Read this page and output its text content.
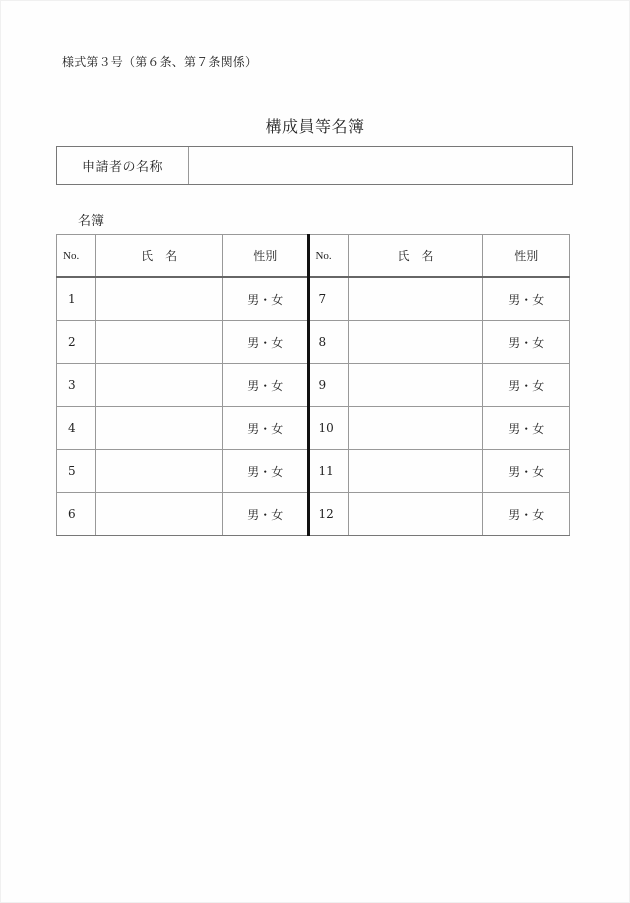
様式第３号（第６条、第７条関係）
構成員等名簿
申請者の名称
名簿
No.	氏　名	性別	No.	氏　名	性別
1		男・女	7		男・女
2		男・女	8		男・女
3		男・女	9		男・女
4		男・女	10		男・女
5		男・女	11		男・女
6		男・女	12		男・女
